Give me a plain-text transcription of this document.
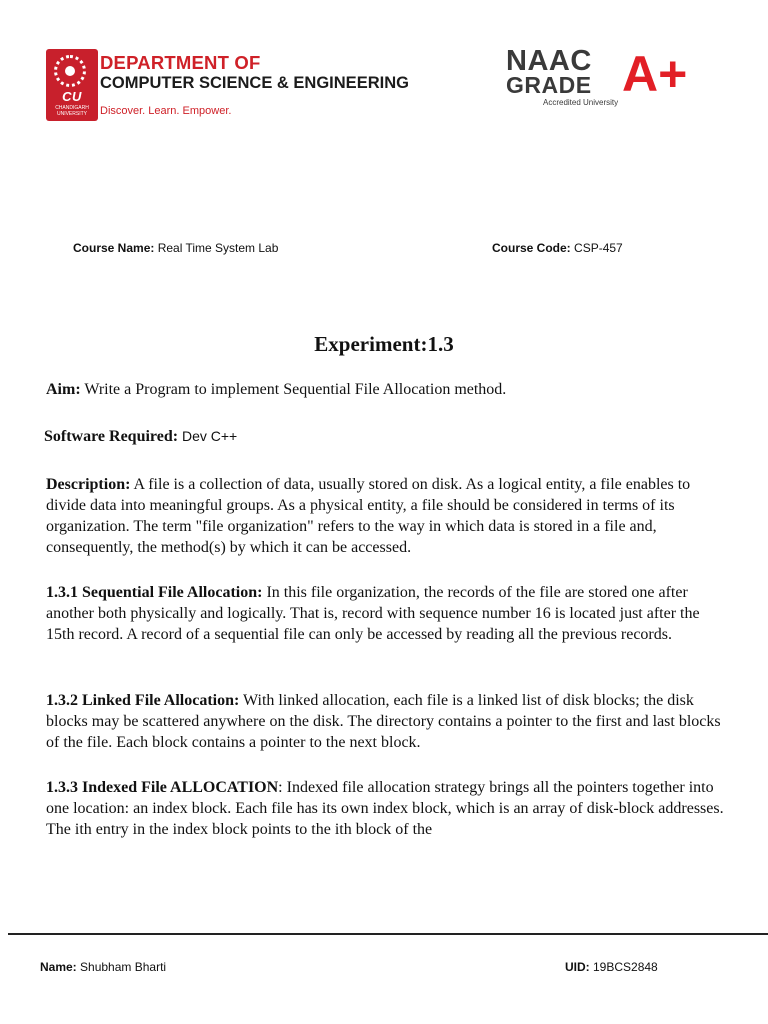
CU
CHANDIGARH UNIVERSITY
DEPARTMENT OF
COMPUTER SCIENCE & ENGINEERING
Discover. Learn. Empower.
NAAC
GRADE A+
Accredited University
Course Name: Real Time System Lab	Course Code: CSP-457
Experiment:1.3

Aim: Write a Program to implement Sequential File Allocation method.

Software Required: Dev C++

Description: A file is a collection of data, usually stored on disk. As a logical entity, a file enables to divide data into meaningful groups. As a physical entity, a file should be considered in terms of its organization. The term "file organization" refers to the way in which data is stored in a file and, consequently, the method(s) by which it can be accessed.

1.3.1 Sequential File Allocation: In this file organization, the records of the file are stored one after another both physically and logically. That is, record with sequence number 16 is located just after the 15th record. A record of a sequential file can only be accessed by reading all the previous records.

1.3.2 Linked File Allocation: With linked allocation, each file is a linked list of disk blocks; the disk blocks may be scattered anywhere on the disk. The directory contains a pointer to the first and last blocks of the file. Each block contains a pointer to the next block.

1.3.3 Indexed File ALLOCATION: Indexed file allocation strategy brings all the pointers together into one location: an index block. Each file has its own index block, which is an array of disk-block addresses. The ith entry in the index block points to the ith block of the

Name: Shubham Bharti	UID: 19BCS2848
